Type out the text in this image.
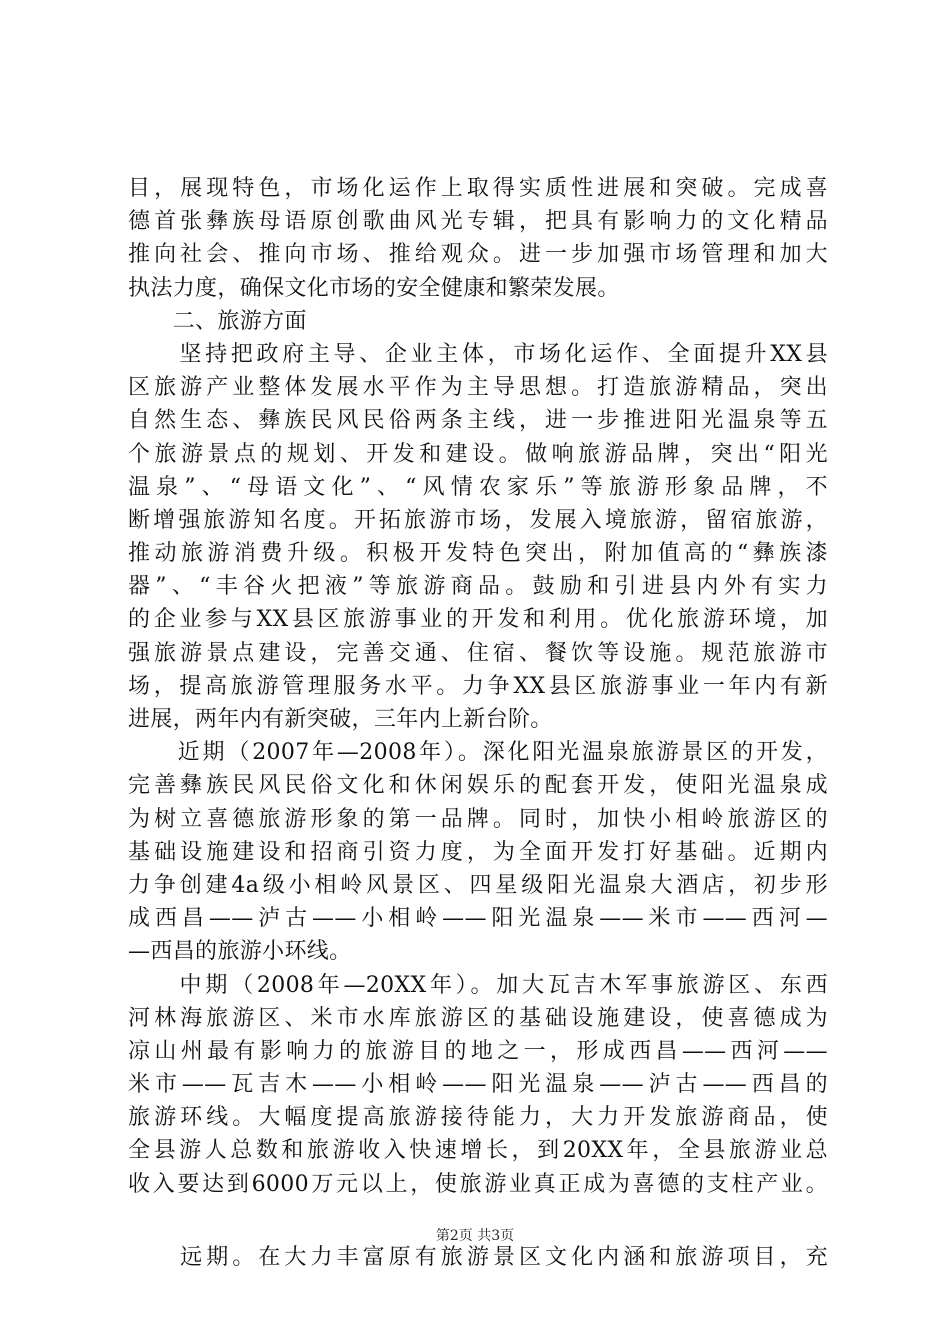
目，展现特色，市场化运作上取得实质性进展和突破。完成喜
德首张彝族母语原创歌曲风光专辑，把具有影响力的文化精品
推向社会、推向市场、推给观众。进一步加强市场管理和加大
执法力度，确保文化市场的安全健康和繁荣发展。
　　二、旅游方面
　　坚持把政府主导、企业主体，市场化运作、全面提升XX县
区旅游产业整体发展水平作为主导思想。打造旅游精品，突出
自然生态、彝族民风民俗两条主线，进一步推进阳光温泉等五
个旅游景点的规划、开发和建设。做响旅游品牌，突出“阳光
温泉”、“母语文化”、“风情农家乐”等旅游形象品牌，不
断增强旅游知名度。开拓旅游市场，发展入境旅游，留宿旅游，
推动旅游消费升级。积极开发特色突出，附加值高的“彝族漆
器”、“丰谷火把液”等旅游商品。鼓励和引进县内外有实力
的企业参与XX县区旅游事业的开发和利用。优化旅游环境，加
强旅游景点建设，完善交通、住宿、餐饮等设施。规范旅游市
场，提高旅游管理服务水平。力争XX县区旅游事业一年内有新
进展，两年内有新突破，三年内上新台阶。
　　近期（2007年—2008年）。深化阳光温泉旅游景区的开发，
完善彝族民风民俗文化和休闲娱乐的配套开发，使阳光温泉成
为树立喜德旅游形象的第一品牌。同时，加快小相岭旅游区的
基础设施建设和招商引资力度，为全面开发打好基础。近期内
力争创建4a级小相岭风景区、四星级阳光温泉大酒店，初步形
成西昌——泸古——小相岭——阳光温泉——米市——西河—
—西昌的旅游小环线。
　　中期（2008年—20XX年）。加大瓦吉木军事旅游区、东西
河林海旅游区、米市水库旅游区的基础设施建设，使喜德成为
凉山州最有影响力的旅游目的地之一，形成西昌——西河——
米市——瓦吉木——小相岭——阳光温泉——泸古——西昌的
旅游环线。大幅度提高旅游接待能力，大力开发旅游商品，使
全县游人总数和旅游收入快速增长，到20XX年，全县旅游业总
收入要达到6000万元以上，使旅游业真正成为喜德的支柱产业。
　　远期。在大力丰富原有旅游景区文化内涵和旅游项目，充
第2页 共3页
